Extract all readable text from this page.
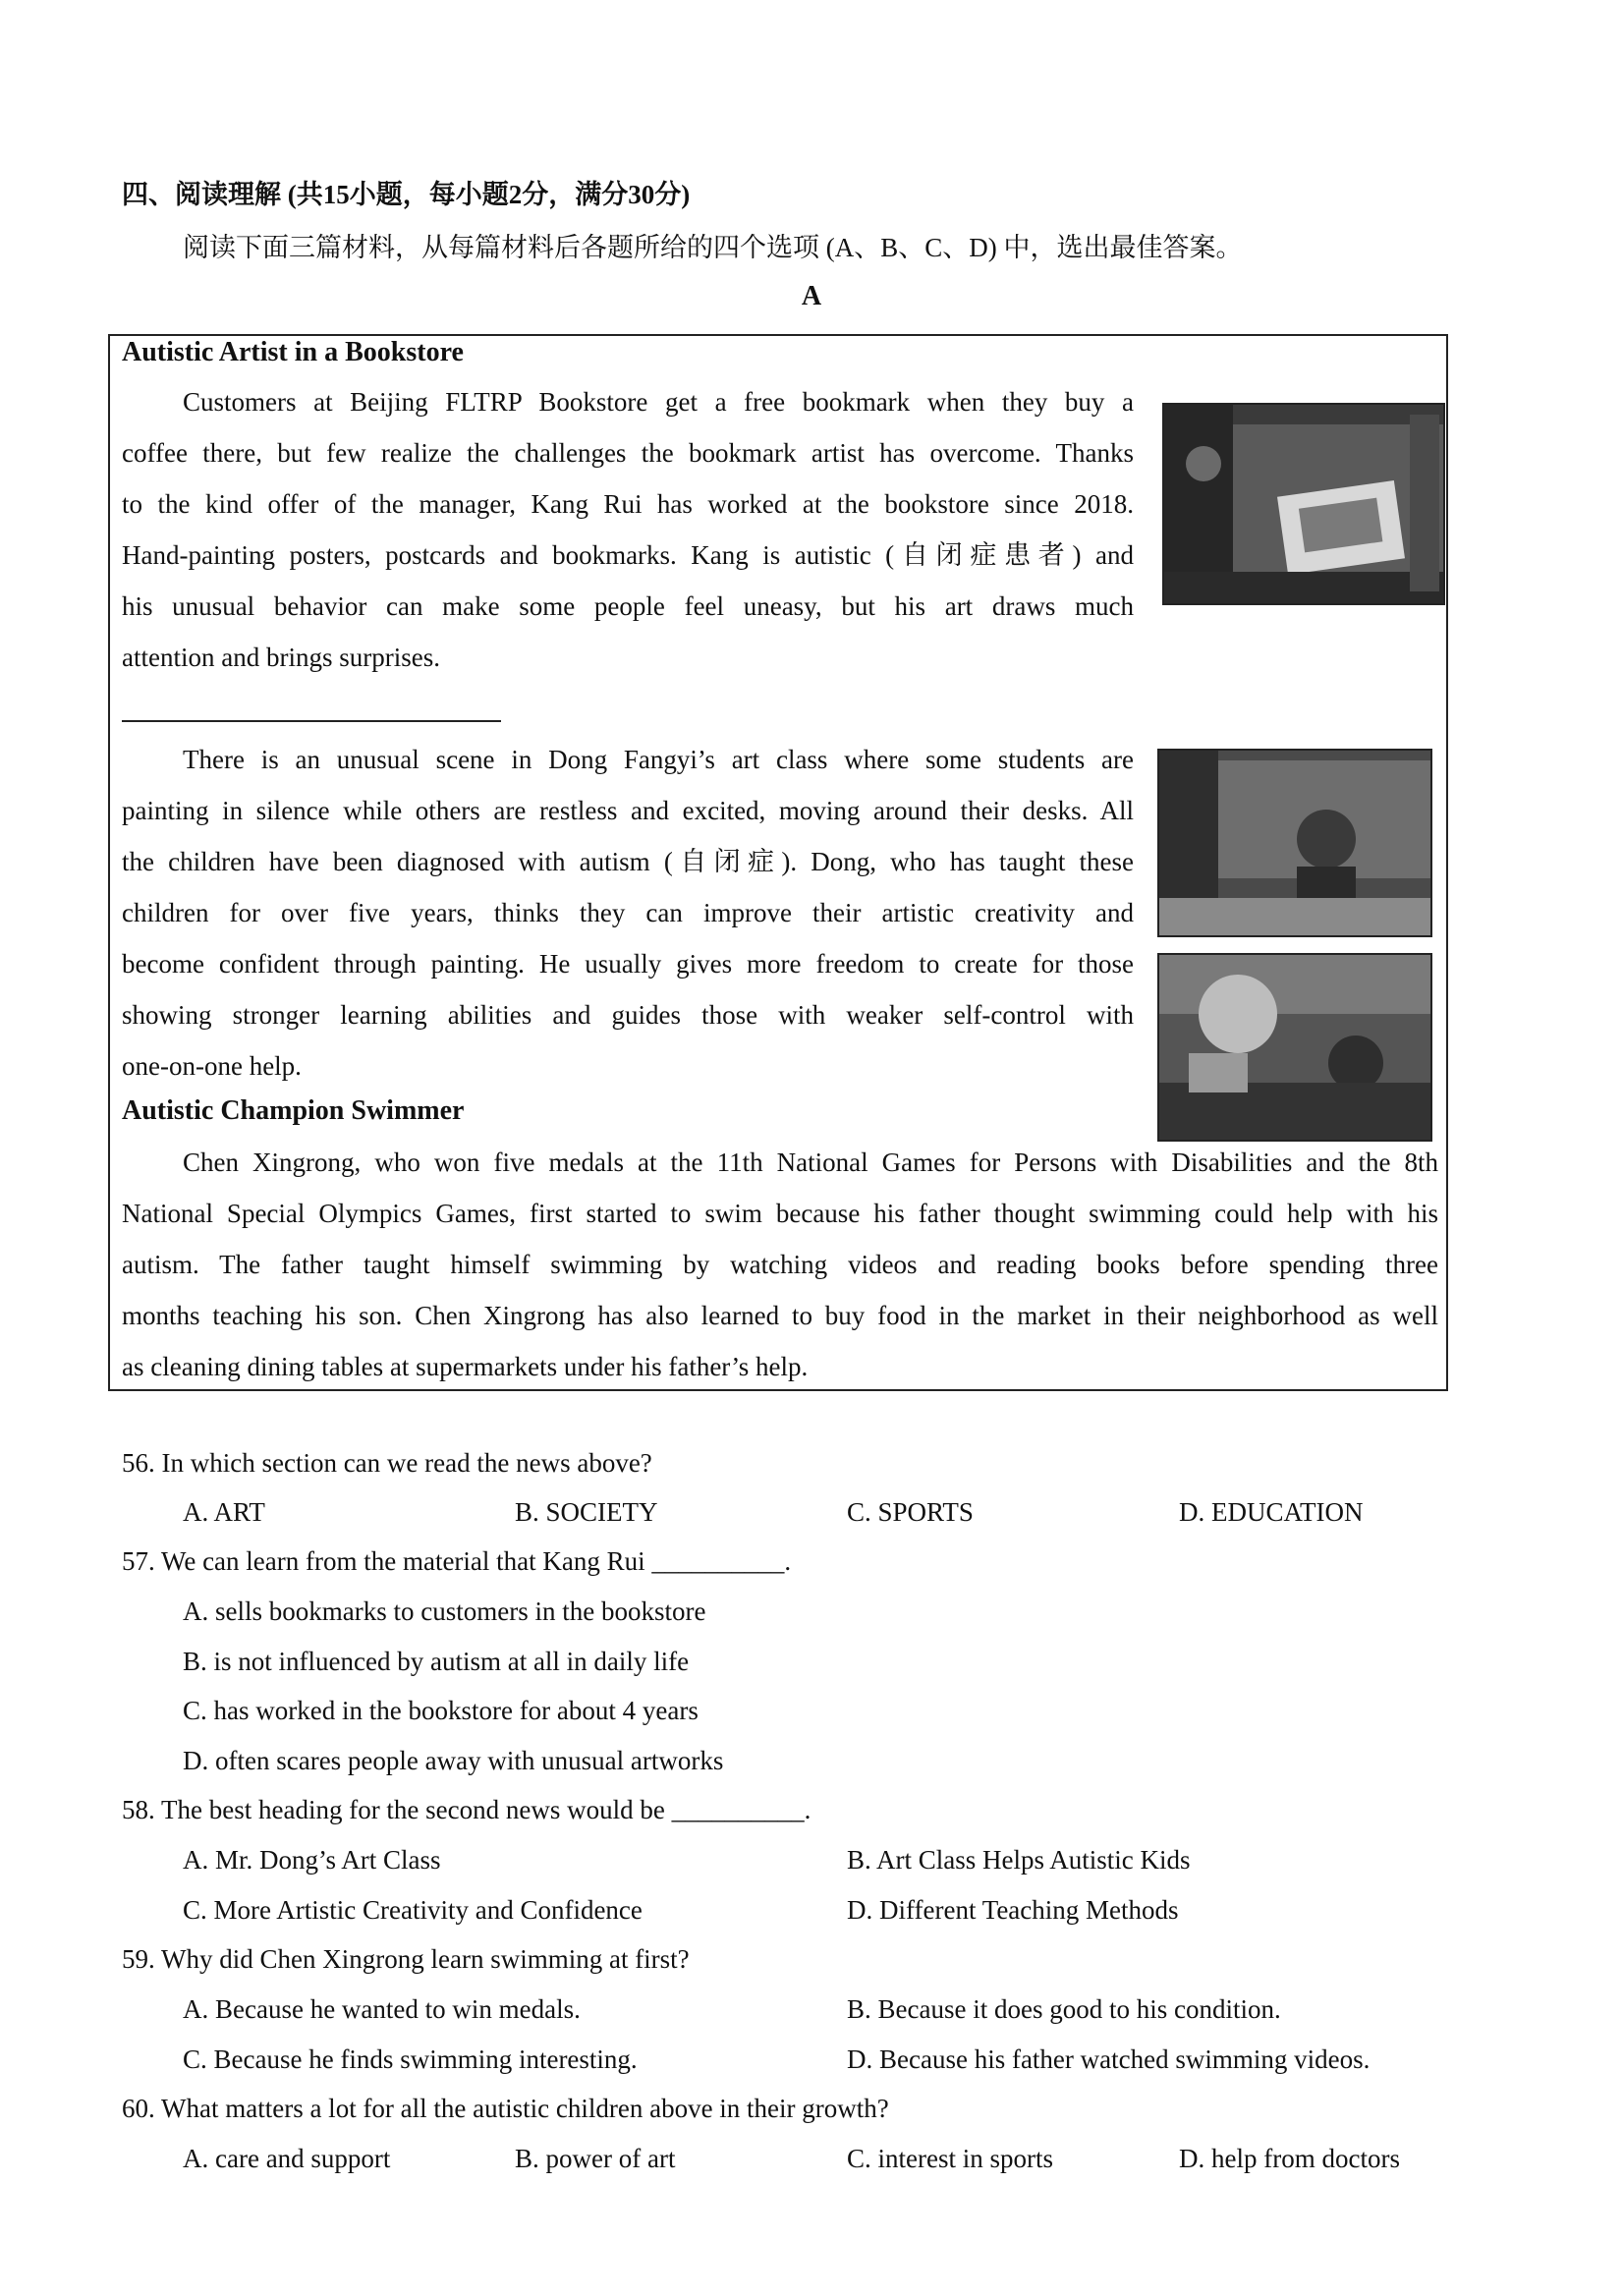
四、阅读理解 (共15小题，每小题2分，满分30分)
阅读下面三篇材料，从每篇材料后各题所给的四个选项 (A、B、C、D) 中，选出最佳答案。
A
Autistic Artist in a Bookstore
Customers at Beijing FLTRP Bookstore get a free bookmark when they buy a
coffee there, but few realize the challenges the bookmark artist has overcome. Thanks
to the kind offer of the manager, Kang Rui has worked at the bookstore since 2018.
Hand-painting posters, postcards and bookmarks. Kang is autistic (自闭症患者) and
his unusual behavior can make some people feel uneasy, but his art draws much
attention and brings surprises.
There is an unusual scene in Dong Fangyi’s art class where some students are
painting in silence while others are restless and excited, moving around their desks. All
the children have been diagnosed with autism (自闭症). Dong, who has taught these
children for over five years, thinks they can improve their artistic creativity and
become confident through painting. He usually gives more freedom to create for those
showing stronger learning abilities and guides those with weaker self-control with
one-on-one help.
Autistic Champion Swimmer
Chen Xingrong, who won five medals at the 11th National Games for Persons with Disabilities and the 8th
National Special Olympics Games, first started to swim because his father thought swimming could help with his
autism. The father taught himself swimming by watching videos and reading books before spending three
months teaching his son. Chen Xingrong has also learned to buy food in the market in their neighborhood as well
as cleaning dining tables at supermarkets under his father’s help.
56. In which section can we read the news above?
A. ART	B. SOCIETY	C. SPORTS	D. EDUCATION
57. We can learn from the material that Kang Rui __________.
A. sells bookmarks to customers in the bookstore
B. is not influenced by autism at all in daily life
C. has worked in the bookstore for about 4 years
D. often scares people away with unusual artworks
58. The best heading for the second news would be __________.
A. Mr. Dong’s Art Class	B. Art Class Helps Autistic Kids
C. More Artistic Creativity and Confidence	D. Different Teaching Methods
59. Why did Chen Xingrong learn swimming at first?
A. Because he wanted to win medals.	B. Because it does good to his condition.
C. Because he finds swimming interesting.	D. Because his father watched swimming videos.
60. What matters a lot for all the autistic children above in their growth?
A. care and support	B. power of art	C. interest in sports	D. help from doctors
